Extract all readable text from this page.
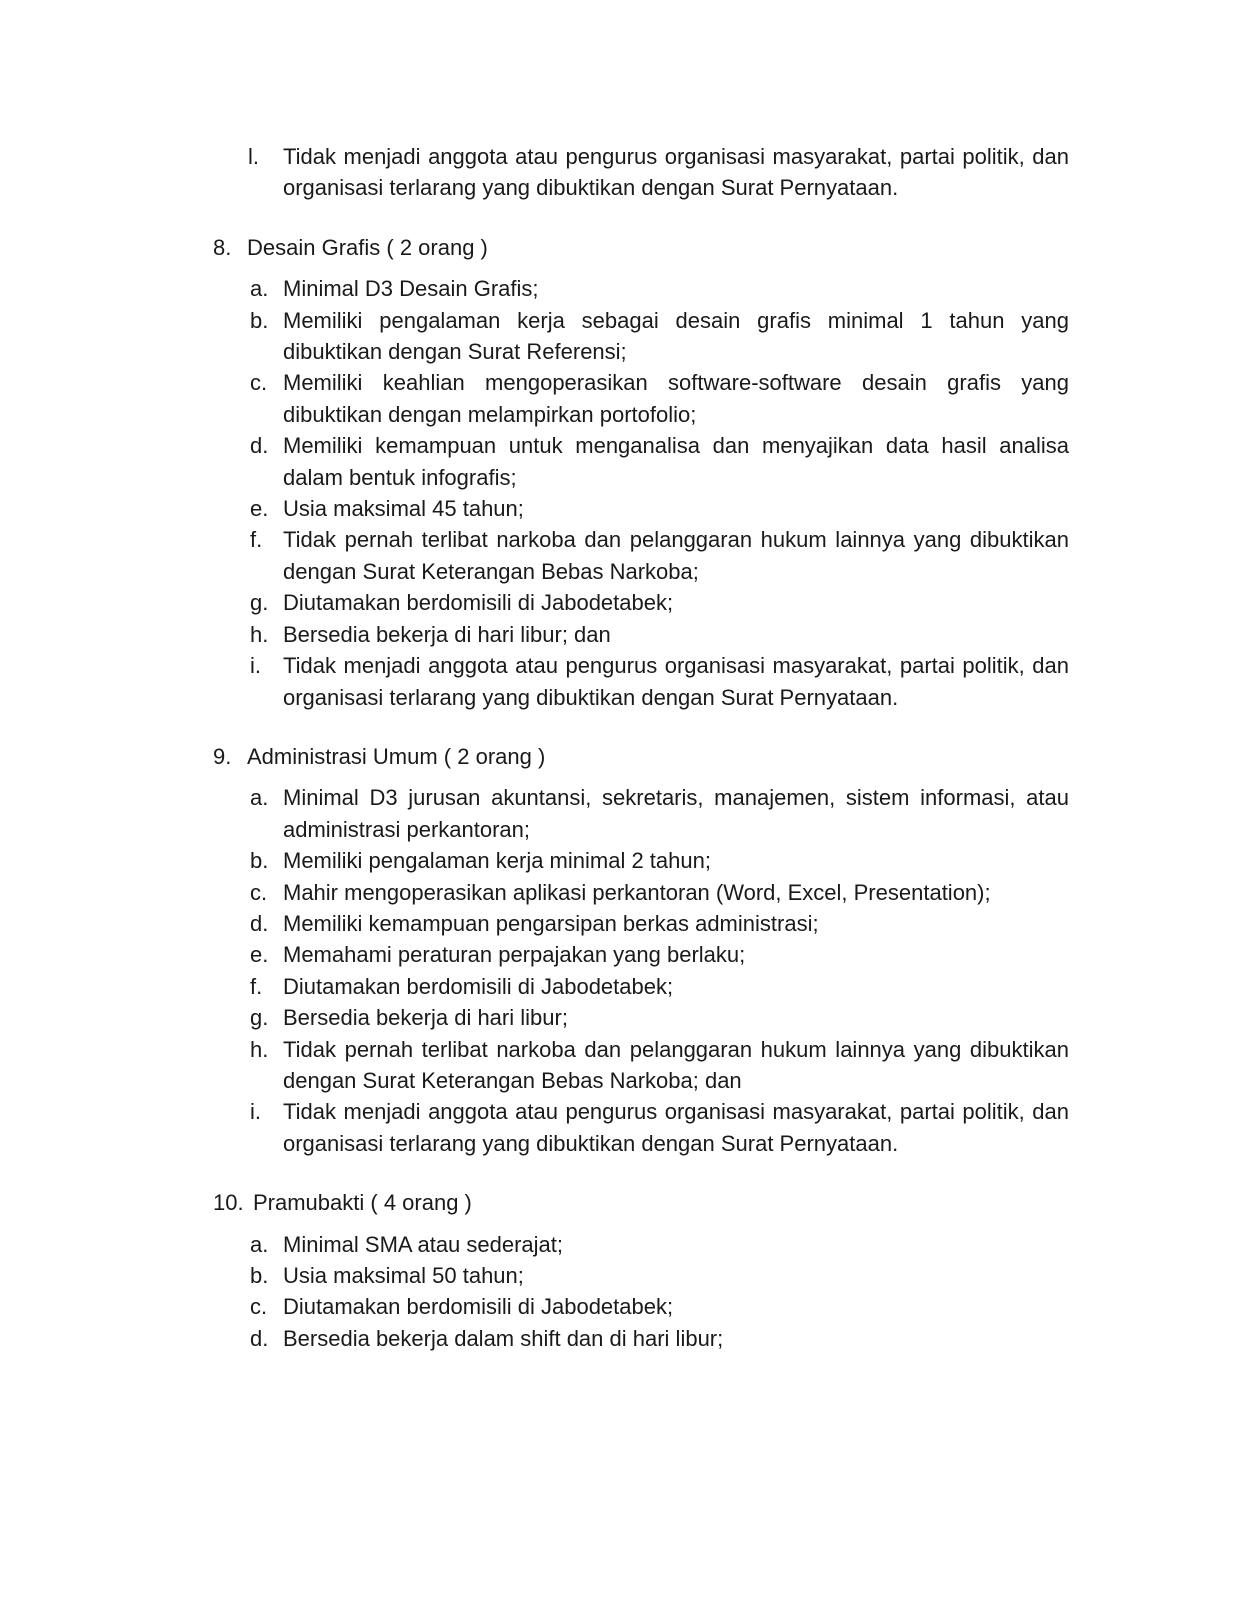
l. Tidak menjadi anggota atau pengurus organisasi masyarakat, partai politik, dan organisasi terlarang yang dibuktikan dengan Surat Pernyataan.
8. Desain Grafis ( 2 orang )
a. Minimal D3 Desain Grafis;
b. Memiliki pengalaman kerja sebagai desain grafis minimal 1 tahun yang dibuktikan dengan Surat Referensi;
c. Memiliki keahlian mengoperasikan software-software desain grafis yang dibuktikan dengan melampirkan portofolio;
d. Memiliki kemampuan untuk menganalisa dan menyajikan data hasil analisa dalam bentuk infografis;
e. Usia maksimal 45 tahun;
f. Tidak pernah terlibat narkoba dan pelanggaran hukum lainnya yang dibuktikan dengan Surat Keterangan Bebas Narkoba;
g. Diutamakan berdomisili di Jabodetabek;
h. Bersedia bekerja di hari libur; dan
i. Tidak menjadi anggota atau pengurus organisasi masyarakat, partai politik, dan organisasi terlarang yang dibuktikan dengan Surat Pernyataan.
9. Administrasi Umum ( 2 orang )
a. Minimal D3 jurusan akuntansi, sekretaris, manajemen, sistem informasi, atau administrasi perkantoran;
b. Memiliki pengalaman kerja minimal 2 tahun;
c. Mahir mengoperasikan aplikasi perkantoran (Word, Excel, Presentation);
d. Memiliki kemampuan pengarsipan berkas administrasi;
e. Memahami peraturan perpajakan yang berlaku;
f. Diutamakan berdomisili di Jabodetabek;
g. Bersedia bekerja di hari libur;
h. Tidak pernah terlibat narkoba dan pelanggaran hukum lainnya yang dibuktikan dengan Surat Keterangan Bebas Narkoba; dan
i. Tidak menjadi anggota atau pengurus organisasi masyarakat, partai politik, dan organisasi terlarang yang dibuktikan dengan Surat Pernyataan.
10. Pramubakti ( 4 orang )
a. Minimal SMA atau sederajat;
b. Usia maksimal 50 tahun;
c. Diutamakan berdomisili di Jabodetabek;
d. Bersedia bekerja dalam shift dan di hari libur;
